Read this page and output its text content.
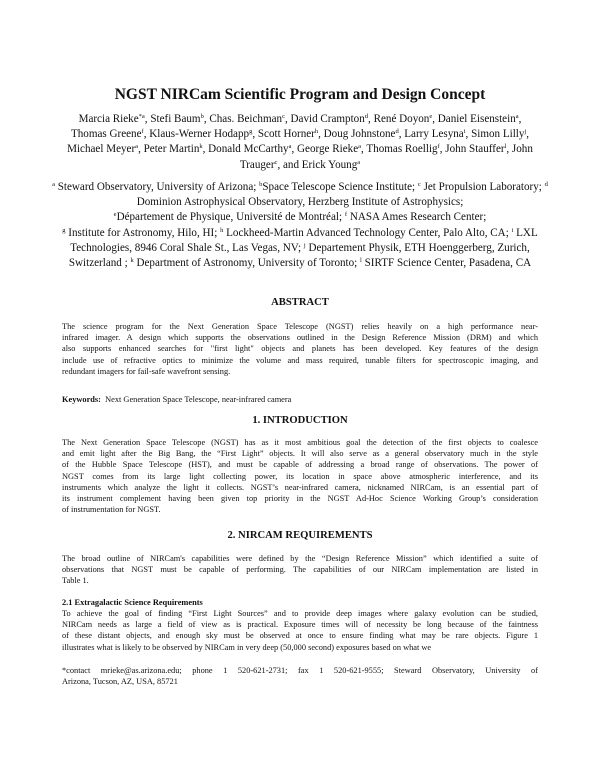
NGST NIRCam Scientific Program and Design Concept
Marcia Rieke$^{*a}$, Stefi Baum$^b$, Chas. Beichman$^c$, David Crampton$^d$, René Doyon$^e$, Daniel Eisenstein$^a$,
Thomas Greene$^f$, Klaus-Werner Hodapp$^g$, Scott Horner$^h$, Doug Johnstone$^d$, Larry Lesyna$^i$, Simon Lilly$^j$, Michael Meyer$^a$, Peter Martin$^k$, Donald McCarthy$^a$, George Rieke$^a$, Thomas Roellig$^f$, John Stauffer$^l$, John Trauger$^c$, and Erick Young$^a$
$^a$ Steward Observatory, University of Arizona; $^b$Space Telescope Science Institute; $^c$ Jet Propulsion Laboratory; $^d$ Dominion Astrophysical Observatory, Herzberg Institute of Astrophysics;
$^e$Département de Physique, Université de Montréal; $^f$ NASA Ames Research Center;
$^g$ Institute for Astronomy, Hilo, HI; $^h$ Lockheed-Martin Advanced Technology Center, Palo Alto, CA; $^i$ LXL Technologies, 8946 Coral Shale St., Las Vegas, NV; $^j$ Departement Physik, ETH Hoenggerberg, Zurich, Switzerland ; $^k$ Department of Astronomy, University of Toronto; $^l$ SIRTF Science Center, Pasadena, CA
ABSTRACT
The science program for the Next Generation Space Telescope (NGST) relies heavily on a high performance near-
infrared imager. A design which supports the observations outlined in the Design Reference Mission (DRM) and which
also supports enhanced searches for "first light" objects and planets has been developed. Key features of the design
include use of refractive optics to minimize the volume and mass required, tunable filters for spectroscopic imaging, and
redundant imagers for fail-safe wavefront sensing.
Keywords: Next Generation Space Telescope, near-infrared camera
1. INTRODUCTION
The Next Generation Space Telescope (NGST) has as it most ambitious goal the detection of the first objects to coalesce
and emit light after the Big Bang, the “First Light” objects. It will also serve as a general observatory much in the style
of the Hubble Space Telescope (HST), and must be capable of addressing a broad range of observations. The power of
NGST comes from its large light collecting power, its location in space above atmospheric interference, and its
instruments which analyze the light it collects. NGST’s near-infrared camera, nicknamed NIRCam, is an essential part of
its instrument complement having been given top priority in the NGST Ad-Hoc Science Working Group’s consideration
of instrumentation for NGST.
2. NIRCAM REQUIREMENTS
The broad outline of NIRCam's capabilities were defined by the “Design Reference Mission” which identified a suite of
observations that NGST must be capable of performing. The capabilities of our NIRCam implementation are listed in
Table 1.
2.1 Extragalactic Science Requirements
To achieve the goal of finding “First Light Sources” and to provide deep images where galaxy evolution can be studied,
NIRCam needs as large a field of view as is practical. Exposure times will of necessity be long because of the faintness
of these distant objects, and enough sky must be observed at once to ensure finding what may be rare objects. Figure 1
illustrates what is likely to be observed by NIRCam in very deep (50,000 second) exposures based on what we
*contact mrieke@as.arizona.edu; phone 1 520-621-2731; fax 1 520-621-9555; Steward Observatory, University of
Arizona, Tucson, AZ, USA, 85721
